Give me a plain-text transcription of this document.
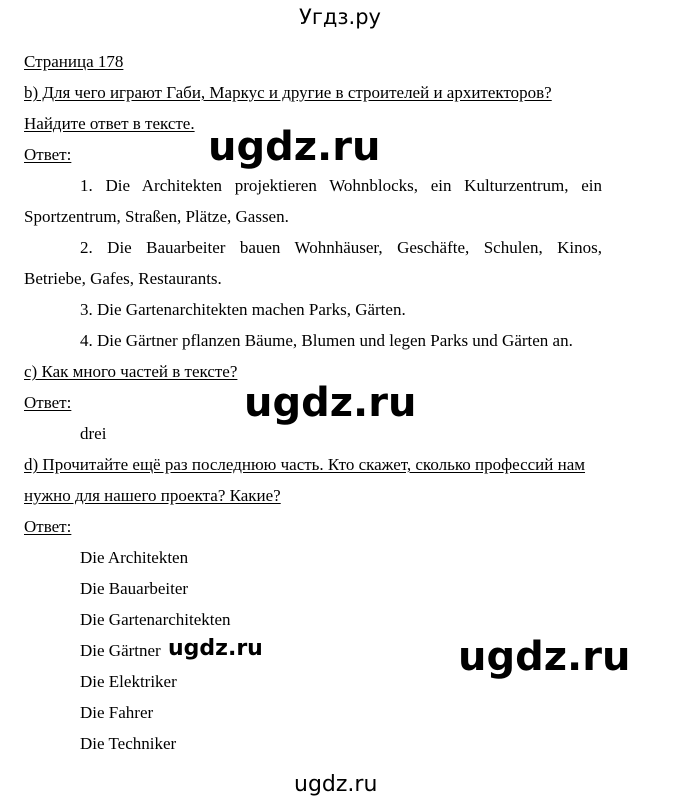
Угдз.ру
Страница 178
b) Для чего играют Габи, Маркус и другие в строителей и архитекторов?
Найдите ответ в тексте.
Ответ:
1. Die Architekten projektieren Wohnblocks, ein Kulturzentrum, ein
Sportzentrum, Straßen, Plätze, Gassen.
2. Die Bauarbeiter bauen Wohnhäuser, Geschäfte, Schulen, Kinos,
Betriebe, Gafes, Restaurants.
3. Die Gartenarchitekten machen Parks, Gärten.
4. Die Gärtner pflanzen Bäume, Blumen und legen Parks und Gärten an.
c) Как много частей в тексте?
Ответ:
drei
d) Прочитайте ещё раз последнюю часть. Кто скажет, сколько профессий нам
нужно для нашего проекта? Какие?
Ответ:
Die Architekten
Die Bauarbeiter
Die Gartenarchitekten
Die Gärtner
Die Elektriker
Die Fahrer
Die Techniker
ugdz.ru
ugdz.ru
ugdz.ru	ugdz.ru
ugdz.ru
